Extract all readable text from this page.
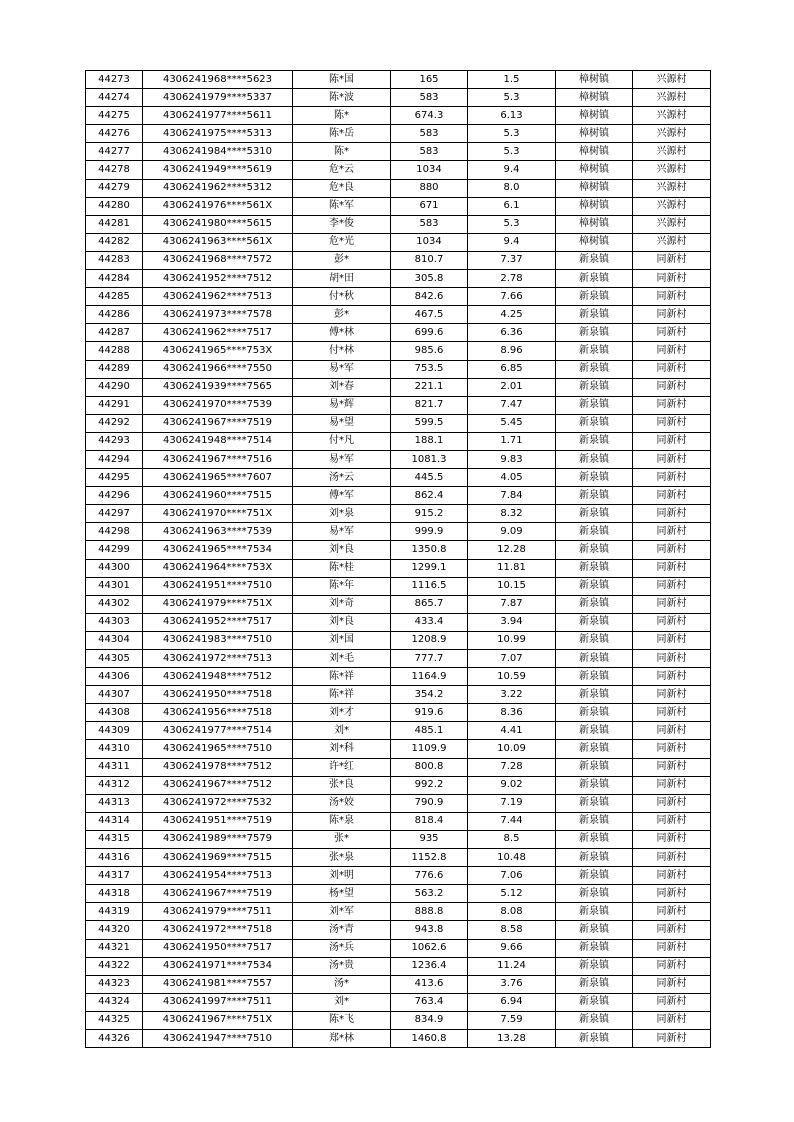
44273	4306241968****5623	陈*国	165	1.5	樟树镇	兴源村
44274	4306241979****5337	陈*波	583	5.3	樟树镇	兴源村
44275	4306241977****5611	陈*	674.3	6.13	樟树镇	兴源村
44276	4306241975****5313	陈*岳	583	5.3	樟树镇	兴源村
44277	4306241984****5310	陈*	583	5.3	樟树镇	兴源村
44278	4306241949****5619	危*云	1034	9.4	樟树镇	兴源村
44279	4306241962****5312	危*良	880	8.0	樟树镇	兴源村
44280	4306241976****561X	陈*军	671	6.1	樟树镇	兴源村
44281	4306241980****5615	李*俊	583	5.3	樟树镇	兴源村
44282	4306241963****561X	危*光	1034	9.4	樟树镇	兴源村
44283	4306241968****7572	彭*	810.7	7.37	新泉镇	同新村
44284	4306241952****7512	胡*田	305.8	2.78	新泉镇	同新村
44285	4306241962****7513	付*秋	842.6	7.66	新泉镇	同新村
44286	4306241973****7578	彭*	467.5	4.25	新泉镇	同新村
44287	4306241962****7517	傅*林	699.6	6.36	新泉镇	同新村
44288	4306241965****753X	付*林	985.6	8.96	新泉镇	同新村
44289	4306241966****7550	易*军	753.5	6.85	新泉镇	同新村
44290	4306241939****7565	刘*春	221.1	2.01	新泉镇	同新村
44291	4306241970****7539	易*辉	821.7	7.47	新泉镇	同新村
44292	4306241967****7519	易*望	599.5	5.45	新泉镇	同新村
44293	4306241948****7514	付*凡	188.1	1.71	新泉镇	同新村
44294	4306241967****7516	易*军	1081.3	9.83	新泉镇	同新村
44295	4306241965****7607	汤*云	445.5	4.05	新泉镇	同新村
44296	4306241960****7515	傅*军	862.4	7.84	新泉镇	同新村
44297	4306241970****751X	刘*泉	915.2	8.32	新泉镇	同新村
44298	4306241963****7539	易*军	999.9	9.09	新泉镇	同新村
44299	4306241965****7534	刘*良	1350.8	12.28	新泉镇	同新村
44300	4306241964****753X	陈*桂	1299.1	11.81	新泉镇	同新村
44301	4306241951****7510	陈*年	1116.5	10.15	新泉镇	同新村
44302	4306241979****751X	刘*奇	865.7	7.87	新泉镇	同新村
44303	4306241952****7517	刘*良	433.4	3.94	新泉镇	同新村
44304	4306241983****7510	刘*国	1208.9	10.99	新泉镇	同新村
44305	4306241972****7513	刘*毛	777.7	7.07	新泉镇	同新村
44306	4306241948****7512	陈*祥	1164.9	10.59	新泉镇	同新村
44307	4306241950****7518	陈*祥	354.2	3.22	新泉镇	同新村
44308	4306241956****7518	刘*才	919.6	8.36	新泉镇	同新村
44309	4306241977****7514	刘*	485.1	4.41	新泉镇	同新村
44310	4306241965****7510	刘*科	1109.9	10.09	新泉镇	同新村
44311	4306241978****7512	许*红	800.8	7.28	新泉镇	同新村
44312	4306241967****7512	张*良	992.2	9.02	新泉镇	同新村
44313	4306241972****7532	汤*姣	790.9	7.19	新泉镇	同新村
44314	4306241951****7519	陈*泉	818.4	7.44	新泉镇	同新村
44315	4306241989****7579	张*	935	8.5	新泉镇	同新村
44316	4306241969****7515	张*泉	1152.8	10.48	新泉镇	同新村
44317	4306241954****7513	刘*明	776.6	7.06	新泉镇	同新村
44318	4306241967****7519	杨*望	563.2	5.12	新泉镇	同新村
44319	4306241979****7511	刘*军	888.8	8.08	新泉镇	同新村
44320	4306241972****7518	汤*青	943.8	8.58	新泉镇	同新村
44321	4306241950****7517	汤*兵	1062.6	9.66	新泉镇	同新村
44322	4306241971****7534	汤*贵	1236.4	11.24	新泉镇	同新村
44323	4306241981****7557	汤*	413.6	3.76	新泉镇	同新村
44324	4306241997****7511	刘*	763.4	6.94	新泉镇	同新村
44325	4306241967****751X	陈*飞	834.9	7.59	新泉镇	同新村
44326	4306241947****7510	郑*林	1460.8	13.28	新泉镇	同新村
